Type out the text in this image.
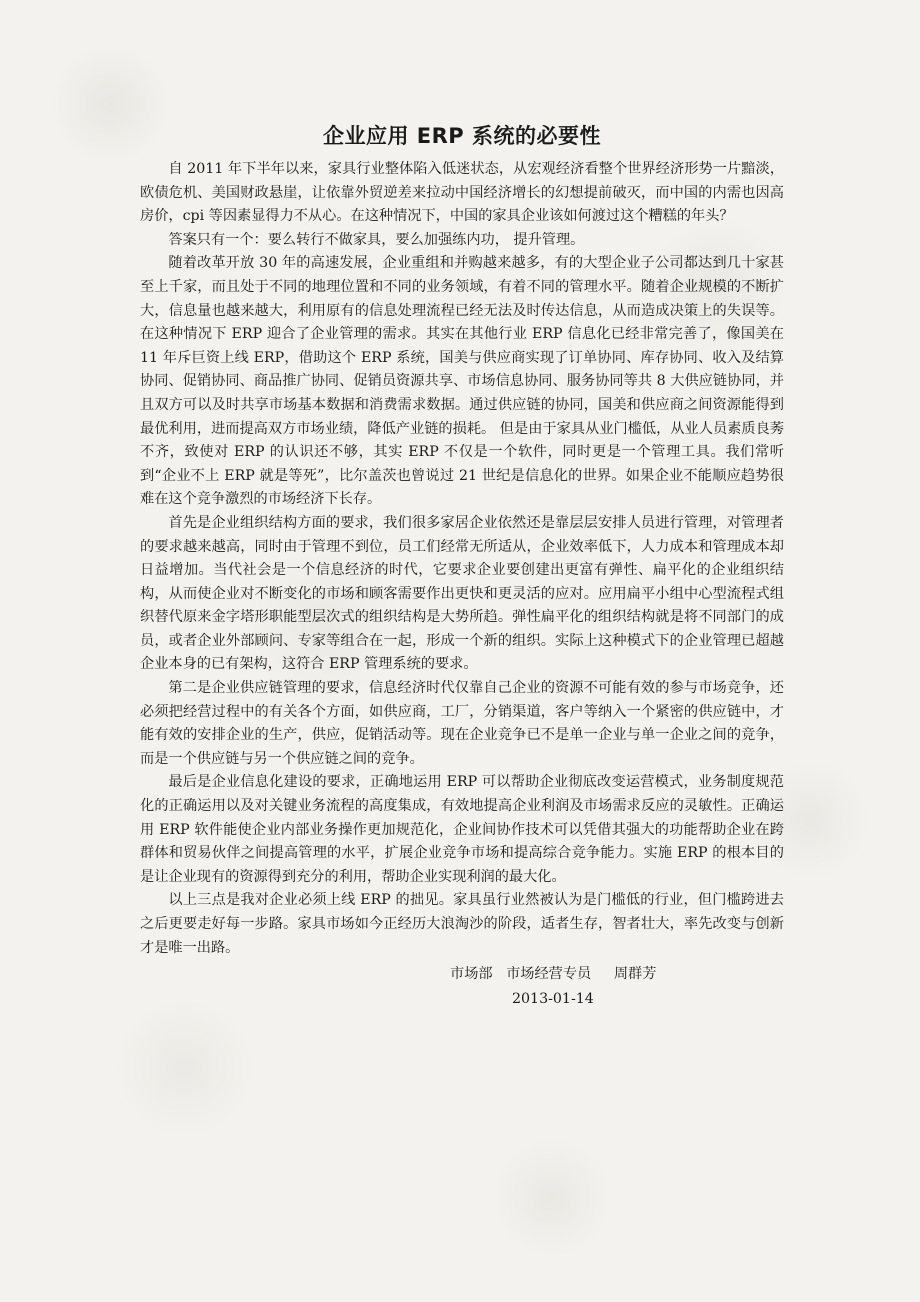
企业应用 ERP 系统的必要性

自 2011 年下半年以来，家具行业整体陷入低迷状态，从宏观经济看整个世界经济形势一片黯淡，欧债危机、美国财政悬崖，让依靠外贸逆差来拉动中国经济增长的幻想提前破灭，而中国的内需也因高房价，cpi 等因素显得力不从心。在这种情况下，中国的家具企业该如何渡过这个糟糕的年头？

答案只有一个：要么转行不做家具，要么加强练内功， 提升管理。

随着改革开放 30 年的高速发展，企业重组和并购越来越多，有的大型企业子公司都达到几十家甚至上千家，而且处于不同的地理位置和不同的业务领域，有着不同的管理水平。随着企业规模的不断扩大，信息量也越来越大，利用原有的信息处理流程已经无法及时传达信息，从而造成决策上的失误等。在这种情况下 ERP 迎合了企业管理的需求。其实在其他行业 ERP 信息化已经非常完善了，像国美在 11 年斥巨资上线 ERP，借助这个 ERP 系统，国美与供应商实现了订单协同、库存协同、收入及结算协同、促销协同、商品推广协同、促销员资源共享、市场信息协同、服务协同等共 8 大供应链协同，并且双方可以及时共享市场基本数据和消费需求数据。通过供应链的协同，国美和供应商之间资源能得到最优利用，进而提高双方市场业绩，降低产业链的损耗。 但是由于家具从业门槛低，从业人员素质良莠不齐，致使对 ERP 的认识还不够，其实 ERP 不仅是一个软件，同时更是一个管理工具。我们常听到“企业不上 ERP 就是等死”，比尔盖茨也曾说过 21 世纪是信息化的世界。如果企业不能顺应趋势很难在这个竞争激烈的市场经济下长存。

首先是企业组织结构方面的要求，我们很多家居企业依然还是靠层层安排人员进行管理，对管理者的要求越来越高，同时由于管理不到位，员工们经常无所适从，企业效率低下，人力成本和管理成本却日益增加。当代社会是一个信息经济的时代，它要求企业要创建出更富有弹性、扁平化的企业组织结构，从而使企业对不断变化的市场和顾客需要作出更快和更灵活的应对。应用扁平小组中心型流程式组织替代原来金字塔形职能型层次式的组织结构是大势所趋。弹性扁平化的组织结构就是将不同部门的成员，或者企业外部顾问、专家等组合在一起，形成一个新的组织。实际上这种模式下的企业管理已超越企业本身的已有架构，这符合 ERP 管理系统的要求。

第二是企业供应链管理的要求，信息经济时代仅靠自己企业的资源不可能有效的参与市场竞争，还必须把经营过程中的有关各个方面，如供应商，工厂，分销渠道，客户等纳入一个紧密的供应链中，才能有效的安排企业的生产，供应，促销活动等。现在企业竞争已不是单一企业与单一企业之间的竞争，而是一个供应链与另一个供应链之间的竞争。

最后是企业信息化建设的要求，正确地运用 ERP 可以帮助企业彻底改变运营模式，业务制度规范化的正确运用以及对关键业务流程的高度集成，有效地提高企业利润及市场需求反应的灵敏性。正确运用 ERP 软件能使企业内部业务操作更加规范化，企业间协作技术可以凭借其强大的功能帮助企业在跨群体和贸易伙伴之间提高管理的水平，扩展企业竞争市场和提高综合竞争能力。实施 ERP 的根本目的是让企业现有的资源得到充分的利用，帮助企业实现利润的最大化。

以上三点是我对企业必须上线 ERP 的拙见。家具虽行业然被认为是门槛低的行业，但门槛跨进去之后更要走好每一步路。家具市场如今正经历大浪淘沙的阶段，适者生存，智者壮大，率先改变与创新才是唯一出路。

市场部 市场经营专员 周群芳
2013-01-14
